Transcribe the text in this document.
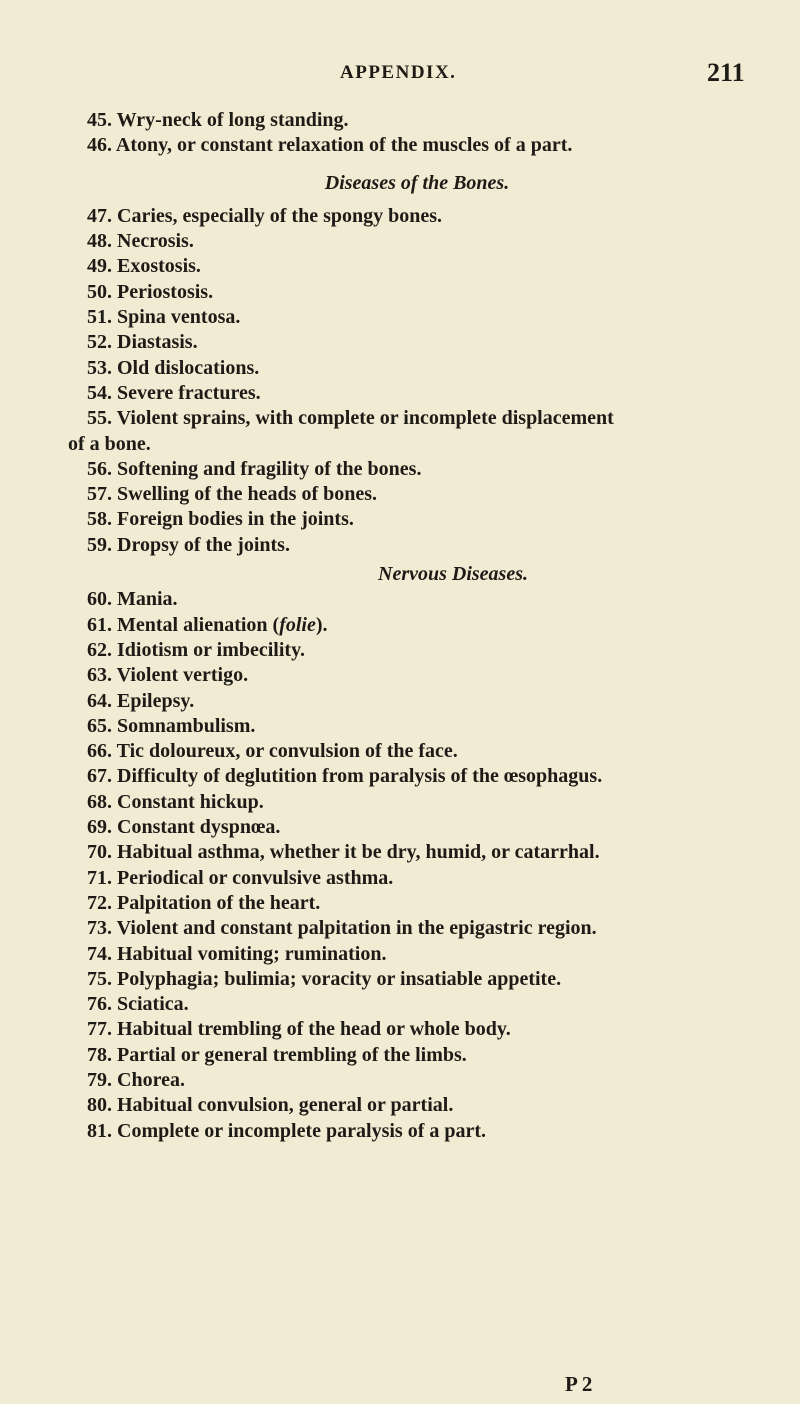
APPENDIX.	211
45. Wry-neck of long standing.
46. Atony, or constant relaxation of the muscles of a part.
Diseases of the Bones.
47. Caries, especially of the spongy bones.
48. Necrosis.
49. Exostosis.
50. Periostosis.
51. Spina ventosa.
52. Diastasis.
53. Old dislocations.
54. Severe fractures.
55. Violent sprains, with complete or incomplete displacement
of a bone.
56. Softening and fragility of the bones.
57. Swelling of the heads of bones.
58. Foreign bodies in the joints.
59. Dropsy of the joints.
Nervous Diseases.
60. Mania.
61. Mental alienation (folie).
62. Idiotism or imbecility.
63. Violent vertigo.
64. Epilepsy.
65. Somnambulism.
66. Tic doloureux, or convulsion of the face.
67. Difficulty of deglutition from paralysis of the œsophagus.
68. Constant hickup.
69. Constant dyspnœa.
70. Habitual asthma, whether it be dry, humid, or catarrhal.
71. Periodical or convulsive asthma.
72. Palpitation of the heart.
73. Violent and constant palpitation in the epigastric region.
74. Habitual vomiting; rumination.
75. Polyphagia; bulimia; voracity or insatiable appetite.
76. Sciatica.
77. Habitual trembling of the head or whole body.
78. Partial or general trembling of the limbs.
79. Chorea.
80. Habitual convulsion, general or partial.
81. Complete or incomplete paralysis of a part.
P 2
